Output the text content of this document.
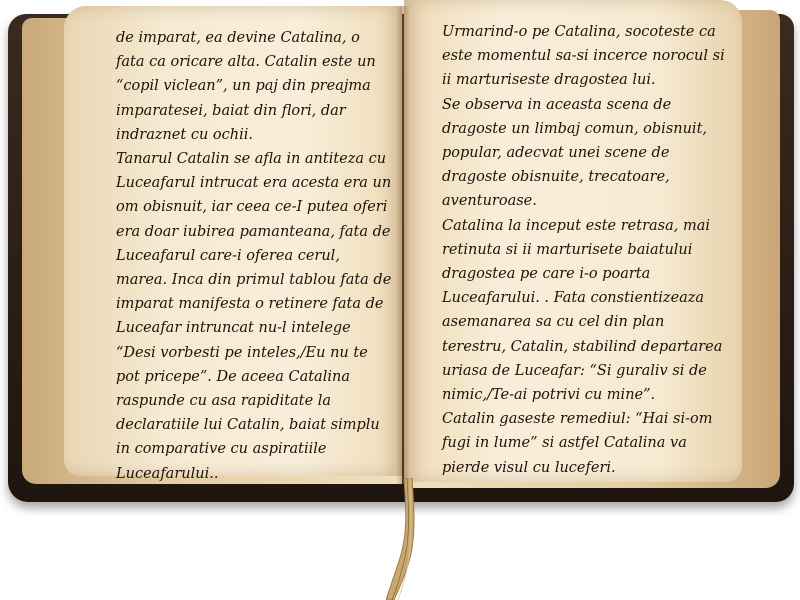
de imparat, ea devine Catalina, o fata ca oricare alta. Catalin este un “copil viclean”, un paj din preajma imparatesei, baiat din flori, dar indraznet cu ochii.

Tanarul Catalin se afla in antiteza cu Luceafarul intrucat era acesta era un om obisnuit, iar ceea ce-I putea oferi era doar iubirea pamanteana, fata de Luceafarul care-i oferea cerul, marea. Inca din primul tablou fata de imparat manifesta o retinere fata de Luceafar intruncat nu-l intelege “Desi vorbesti pe inteles,/Eu nu te pot pricepe”. De aceea Catalina raspunde cu asa rapiditate la declaratiile lui Catalin, baiat simplu in comparative cu aspiratiile Luceafarului..

Urmarind-o pe Catalina, socoteste ca este momentul sa-si incerce norocul si ii marturiseste dragostea lui.

Se observa in aceasta scena de dragoste un limbaj comun, obisnuit, popular, adecvat unei scene de dragoste obisnuite, trecatoare, aventuroase.

Catalina la inceput este retrasa, mai retinuta si ii marturisete baiatului dragostea pe care i-o poarta Luceafarului. . Fata constientizeaza asemanarea sa cu cel din plan terestru, Catalin, stabilind departarea uriasa de Luceafar: “Si guraliv si de nimic,/Te-ai potrivi cu mine”.

Catalin gaseste remediul: “Hai si-om fugi in lume” si astfel Catalina va pierde visul cu luceferi.
